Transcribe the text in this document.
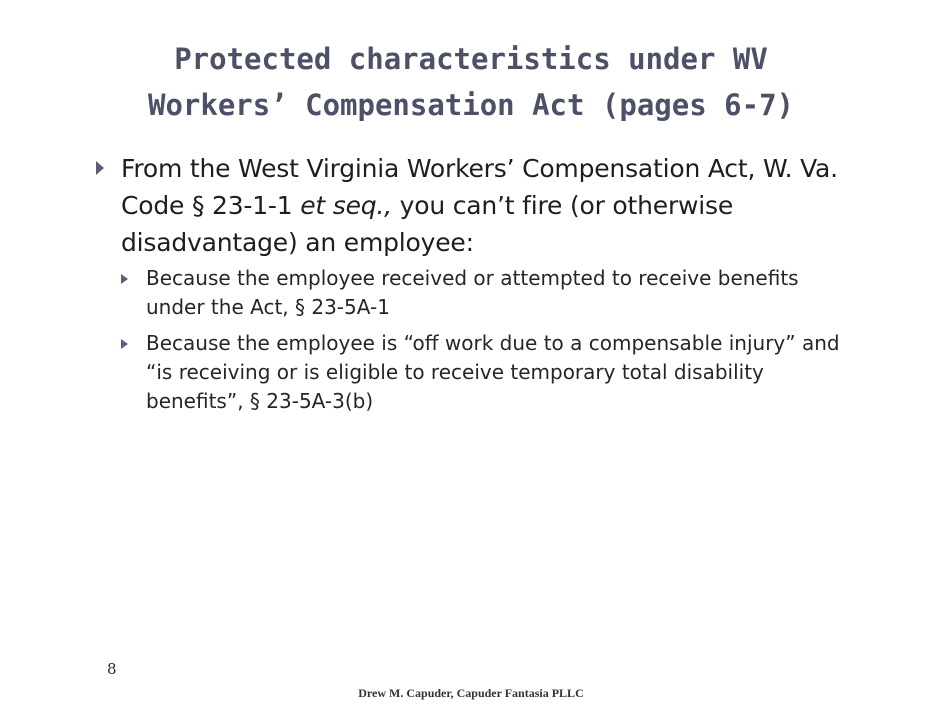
Protected characteristics under WV
Workers’ Compensation Act (pages 6-7)

From the West Virginia Workers’ Compensation Act, W. Va. Code § 23-1-1 et seq., you can’t fire (or otherwise disadvantage) an employee:

Because the employee received or attempted to receive benefits under the Act, § 23-5A-1

Because the employee is “off work due to a compensable injury” and “is receiving or is eligible to receive temporary total disability benefits”, § 23-5A-3(b)

8
Drew M. Capuder, Capuder Fantasia PLLC
